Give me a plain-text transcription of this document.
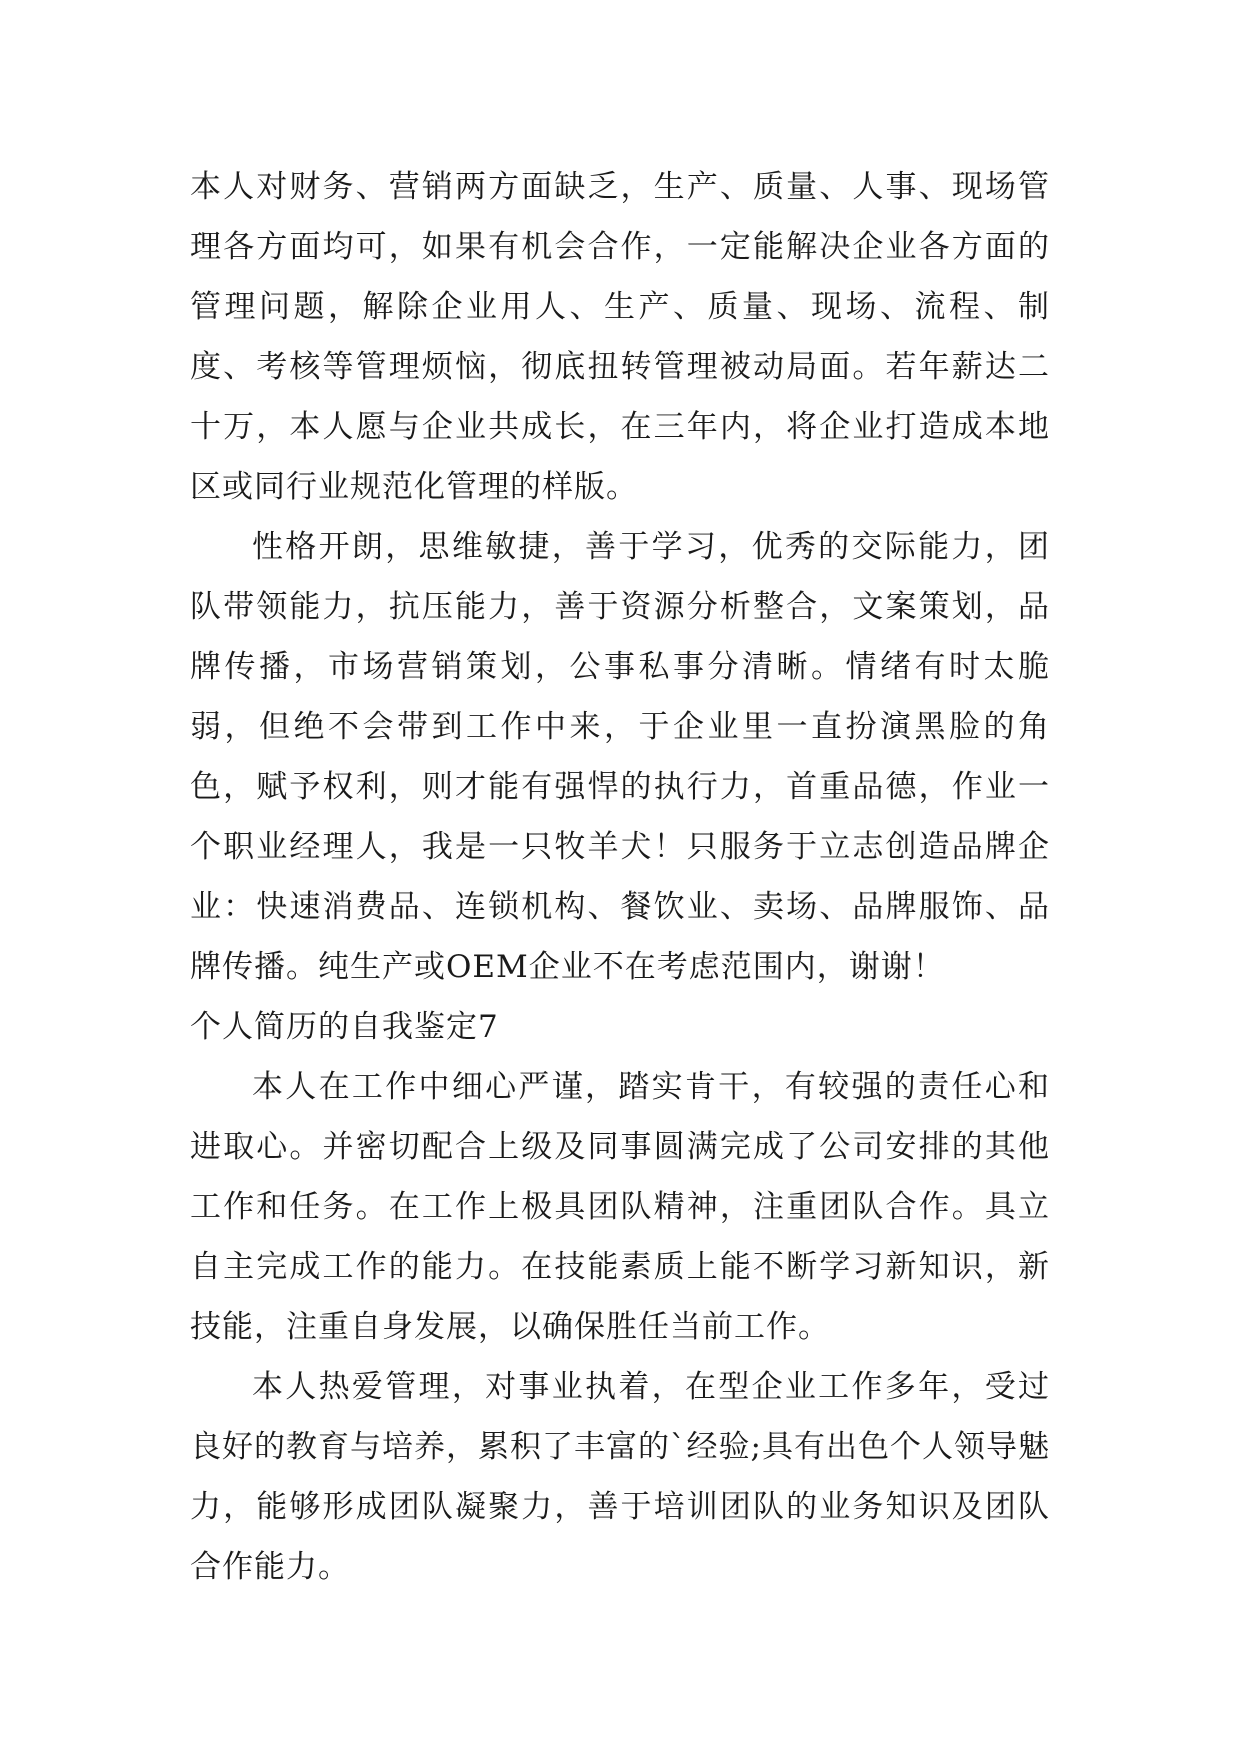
本人对财务、营销两方面缺乏，生产、质量、人事、现场管理各方面均可，如果有机会合作，一定能解决企业各方面的管理问题，解除企业用人、生产、质量、现场、流程、制度、考核等管理烦恼，彻底扭转管理被动局面。若年薪达二十万，本人愿与企业共成长，在三年内，将企业打造成本地区或同行业规范化管理的样版。

性格开朗，思维敏捷，善于学习，优秀的交际能力，团队带领能力，抗压能力，善于资源分析整合，文案策划，品牌传播，市场营销策划，公事私事分清晰。情绪有时太脆弱，但绝不会带到工作中来，于企业里一直扮演黑脸的角色，赋予权利，则才能有强悍的执行力，首重品德，作业一个职业经理人，我是一只牧羊犬！只服务于立志创造品牌企业：快速消费品、连锁机构、餐饮业、卖场、品牌服饰、品牌传播。纯生产或OEM企业不在考虑范围内，谢谢！

个人简历的自我鉴定7

本人在工作中细心严谨，踏实肯干，有较强的责任心和进取心。并密切配合上级及同事圆满完成了公司安排的其他工作和任务。在工作上极具团队精神，注重团队合作。具立自主完成工作的能力。在技能素质上能不断学习新知识，新技能，注重自身发展，以确保胜任当前工作。

本人热爱管理，对事业执着，在型企业工作多年，受过良好的教育与培养，累积了丰富的`经验;具有出色个人领导魅力，能够形成团队凝聚力，善于培训团队的业务知识及团队合作能力。
